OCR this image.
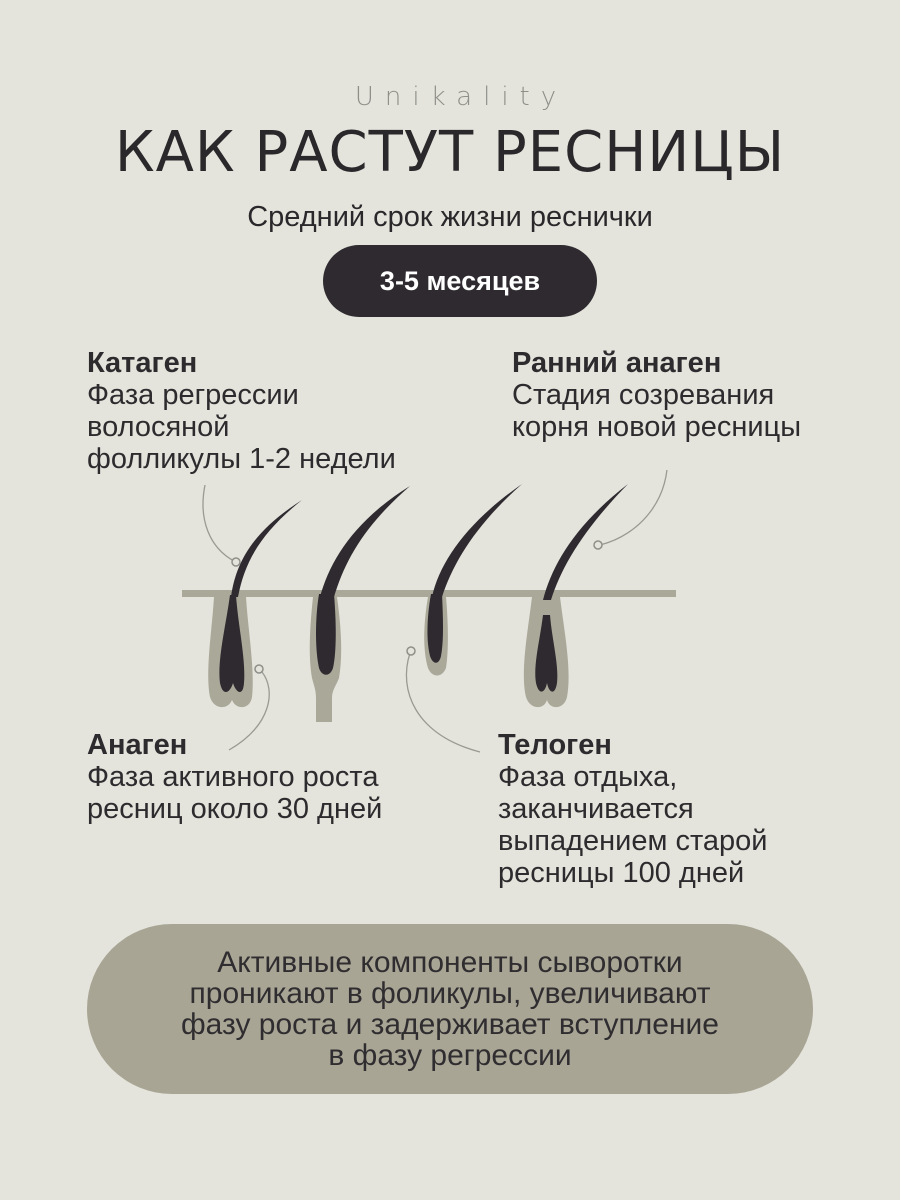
Unikality
КАК РАСТУТ РЕСНИЦЫ
Средний срок жизни реснички
3-5 месяцев
Катаген
Фаза регрессии
волосяной
фолликулы 1-2 недели
Ранний анаген
Стадия созревания
корня новой ресницы
Анаген
Фаза активного роста
ресниц около 30 дней
Телоген
Фаза отдыха,
заканчивается
выпадением старой
ресницы 100 дней
Активные компоненты сыворотки
проникают в фоликулы, увеличивают
фазу роста и задерживает вступление
в фазу регрессии
